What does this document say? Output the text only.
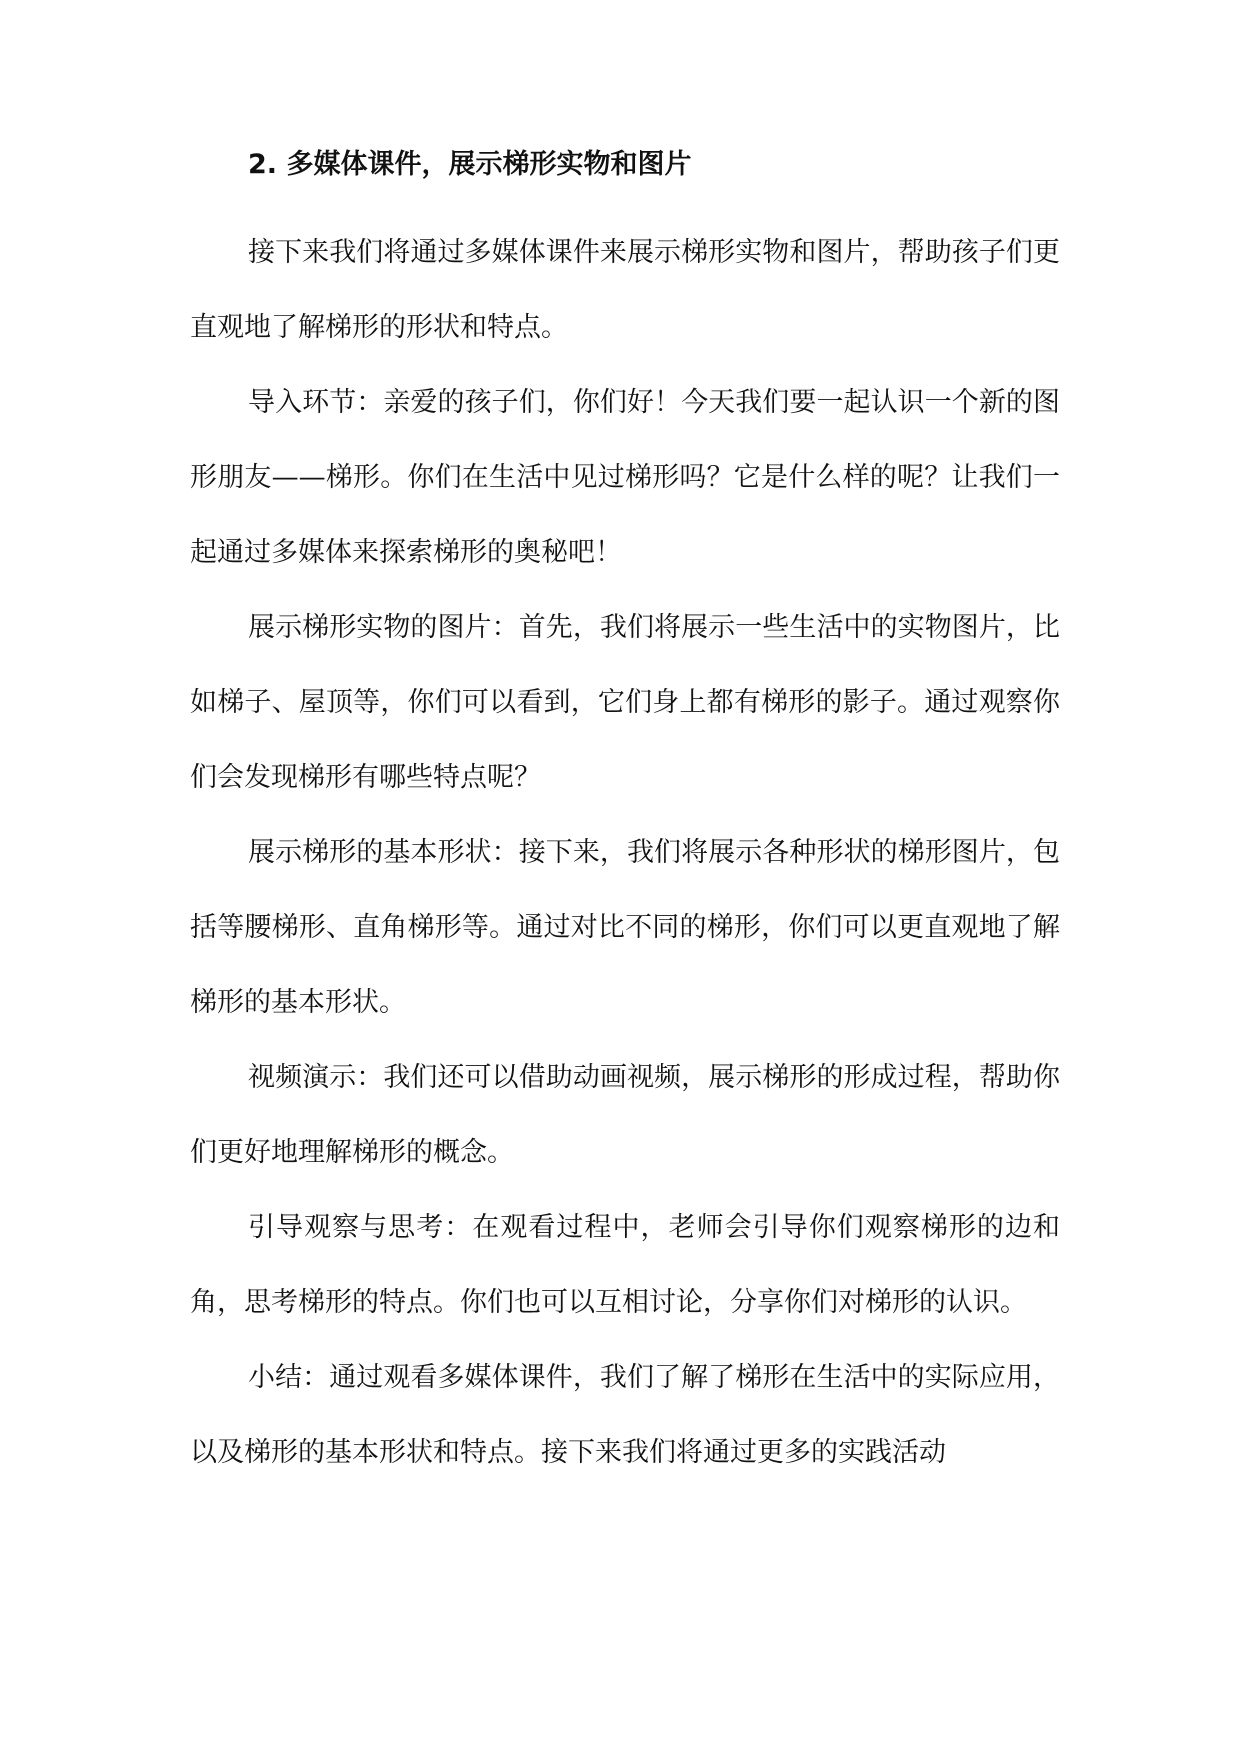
2. 多媒体课件，展示梯形实物和图片

接下来我们将通过多媒体课件来展示梯形实物和图片，帮助孩子们更直观地了解梯形的形状和特点。

导入环节：亲爱的孩子们，你们好！今天我们要一起认识一个新的图形朋友——梯形。你们在生活中见过梯形吗？它是什么样的呢？让我们一起通过多媒体来探索梯形的奥秘吧！

展示梯形实物的图片：首先，我们将展示一些生活中的实物图片，比如梯子、屋顶等，你们可以看到，它们身上都有梯形的影子。通过观察你们会发现梯形有哪些特点呢？

展示梯形的基本形状：接下来，我们将展示各种形状的梯形图片，包括等腰梯形、直角梯形等。通过对比不同的梯形，你们可以更直观地了解梯形的基本形状。

视频演示：我们还可以借助动画视频，展示梯形的形成过程，帮助你们更好地理解梯形的概念。

引导观察与思考：在观看过程中，老师会引导你们观察梯形的边和角，思考梯形的特点。你们也可以互相讨论，分享你们对梯形的认识。

小结：通过观看多媒体课件，我们了解了梯形在生活中的实际应用，以及梯形的基本形状和特点。接下来我们将通过更多的实践活动
